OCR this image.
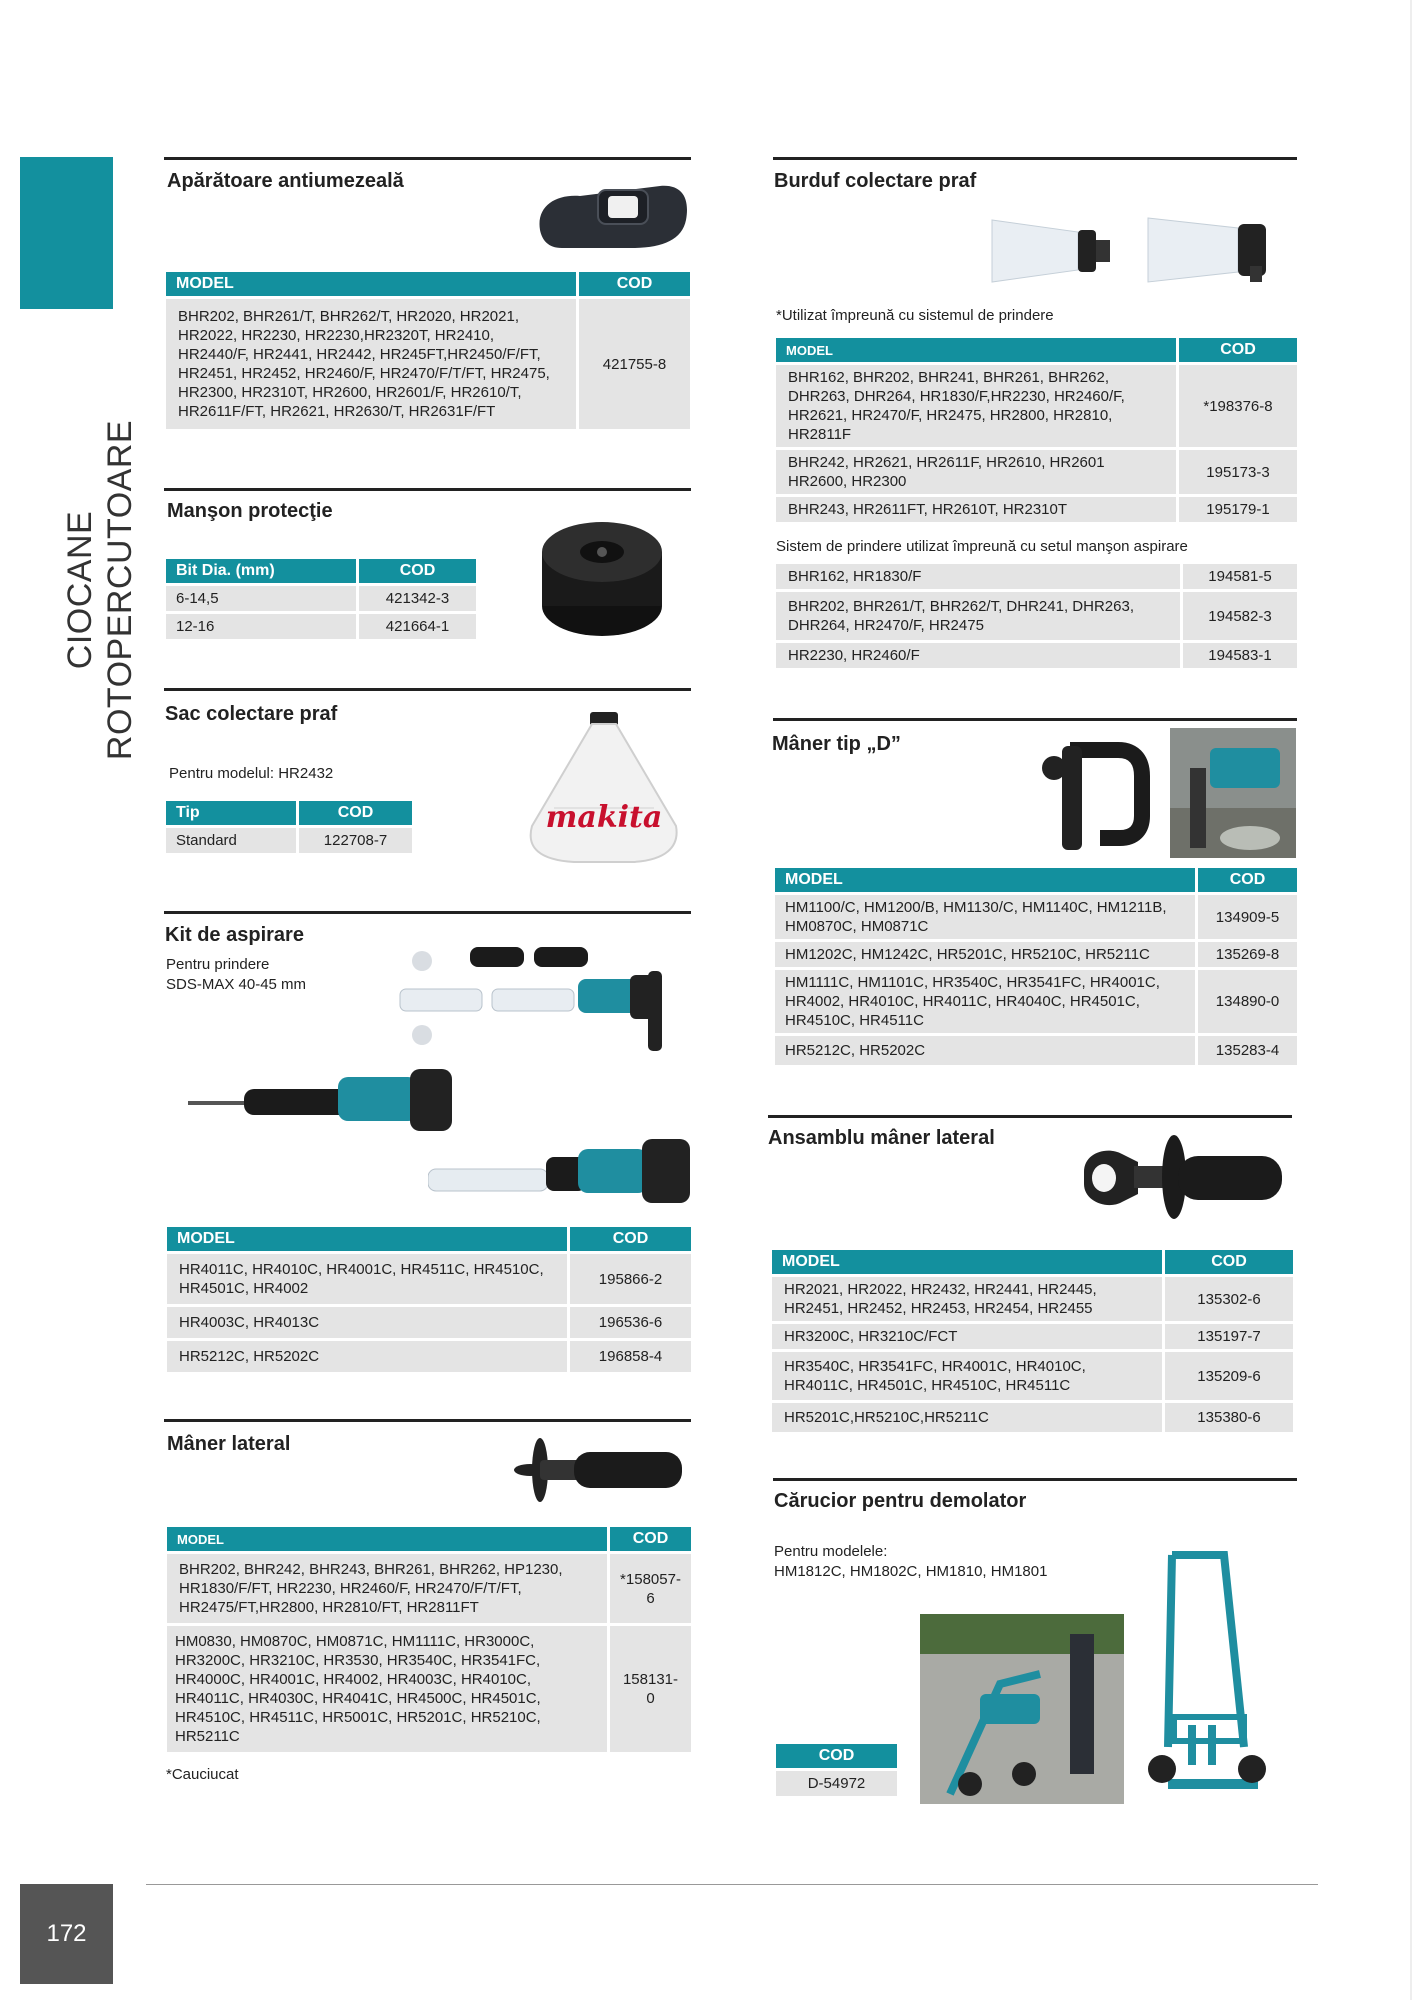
CIOCANE ROTOPERCUTOARE
172
Apărătoare antiumezeală
MODEL	COD
BHR202, BHR261/T, BHR262/T, HR2020, HR2021, HR2022, HR2230, HR2230,HR2320T, HR2410, HR2440/F, HR2441, HR2442, HR245FT,HR2450/F/FT, HR2451, HR2452, HR2460/F, HR2470/F/T/FT, HR2475, HR2300, HR2310T, HR2600, HR2601/F, HR2610/T, HR2611F/FT, HR2621, HR2630/T, HR2631F/FT	421755-8
Manşon protecţie
Bit Dia. (mm)	COD
6-14,5	421342-3
12-16	421664-1
Sac colectare praf
Pentru modelul: HR2432
Tip	COD
Standard	122708-7
makita
Kit de aspirare
Pentru prindere
SDS-MAX 40-45 mm
MODEL	COD
HR4011C, HR4010C, HR4001C, HR4511C, HR4510C, HR4501C, HR4002	195866-2
HR4003C, HR4013C	196536-6
HR5212C, HR5202C	196858-4
Mâner lateral
MODEL	COD
BHR202, BHR242, BHR243, BHR261, BHR262, HP1230, HR1830/F/FT, HR2230, HR2460/F, HR2470/F/T/FT, HR2475/FT,HR2800, HR2810/FT, HR2811FT	*158057-6
HM0830, HM0870C, HM0871C, HM1111C, HR3000C, HR3200C, HR3210C, HR3530, HR3540C, HR3541FC, HR4000C, HR4001C, HR4002, HR4003C, HR4010C, HR4011C, HR4030C, HR4041C, HR4500C, HR4501C, HR4510C, HR4511C, HR5001C, HR5201C, HR5210C, HR5211C	158131-0
*Cauciucat
Burduf colectare praf
*Utilizat împreună cu sistemul de prindere
MODEL	COD
BHR162, BHR202, BHR241, BHR261, BHR262, DHR263, DHR264, HR1830/F,HR2230, HR2460/F, HR2621, HR2470/F, HR2475, HR2800, HR2810, HR2811F	*198376-8
BHR242, HR2621, HR2611F, HR2610, HR2601 HR2600, HR2300	195173-3
BHR243, HR2611FT, HR2610T, HR2310T	195179-1
Sistem de prindere utilizat împreună cu setul manşon aspirare
BHR162, HR1830/F	194581-5
BHR202, BHR261/T, BHR262/T, DHR241, DHR263, DHR264, HR2470/F, HR2475	194582-3
HR2230, HR2460/F	194583-1
Mâner tip „D”
MODEL	COD
HM1100/C, HM1200/B, HM1130/C, HM1140C, HM1211B, HM0870C, HM0871C	134909-5
HM1202C, HM1242C, HR5201C, HR5210C, HR5211C	135269-8
HM1111C, HM1101C, HR3540C, HR3541FC, HR4001C, HR4002, HR4010C, HR4011C, HR4040C, HR4501C, HR4510C, HR4511C	134890-0
HR5212C, HR5202C	135283-4
Ansamblu mâner lateral
MODEL	COD
HR2021, HR2022, HR2432, HR2441, HR2445, HR2451, HR2452, HR2453, HR2454, HR2455	135302-6
HR3200C, HR3210C/FCT	135197-7
HR3540C, HR3541FC, HR4001C, HR4010C, HR4011C, HR4501C, HR4510C, HR4511C	135209-6
HR5201C,HR5210C,HR5211C	135380-6
Cărucior pentru demolator
Pentru modelele:
HM1812C, HM1802C, HM1810, HM1801
COD
D-54972
